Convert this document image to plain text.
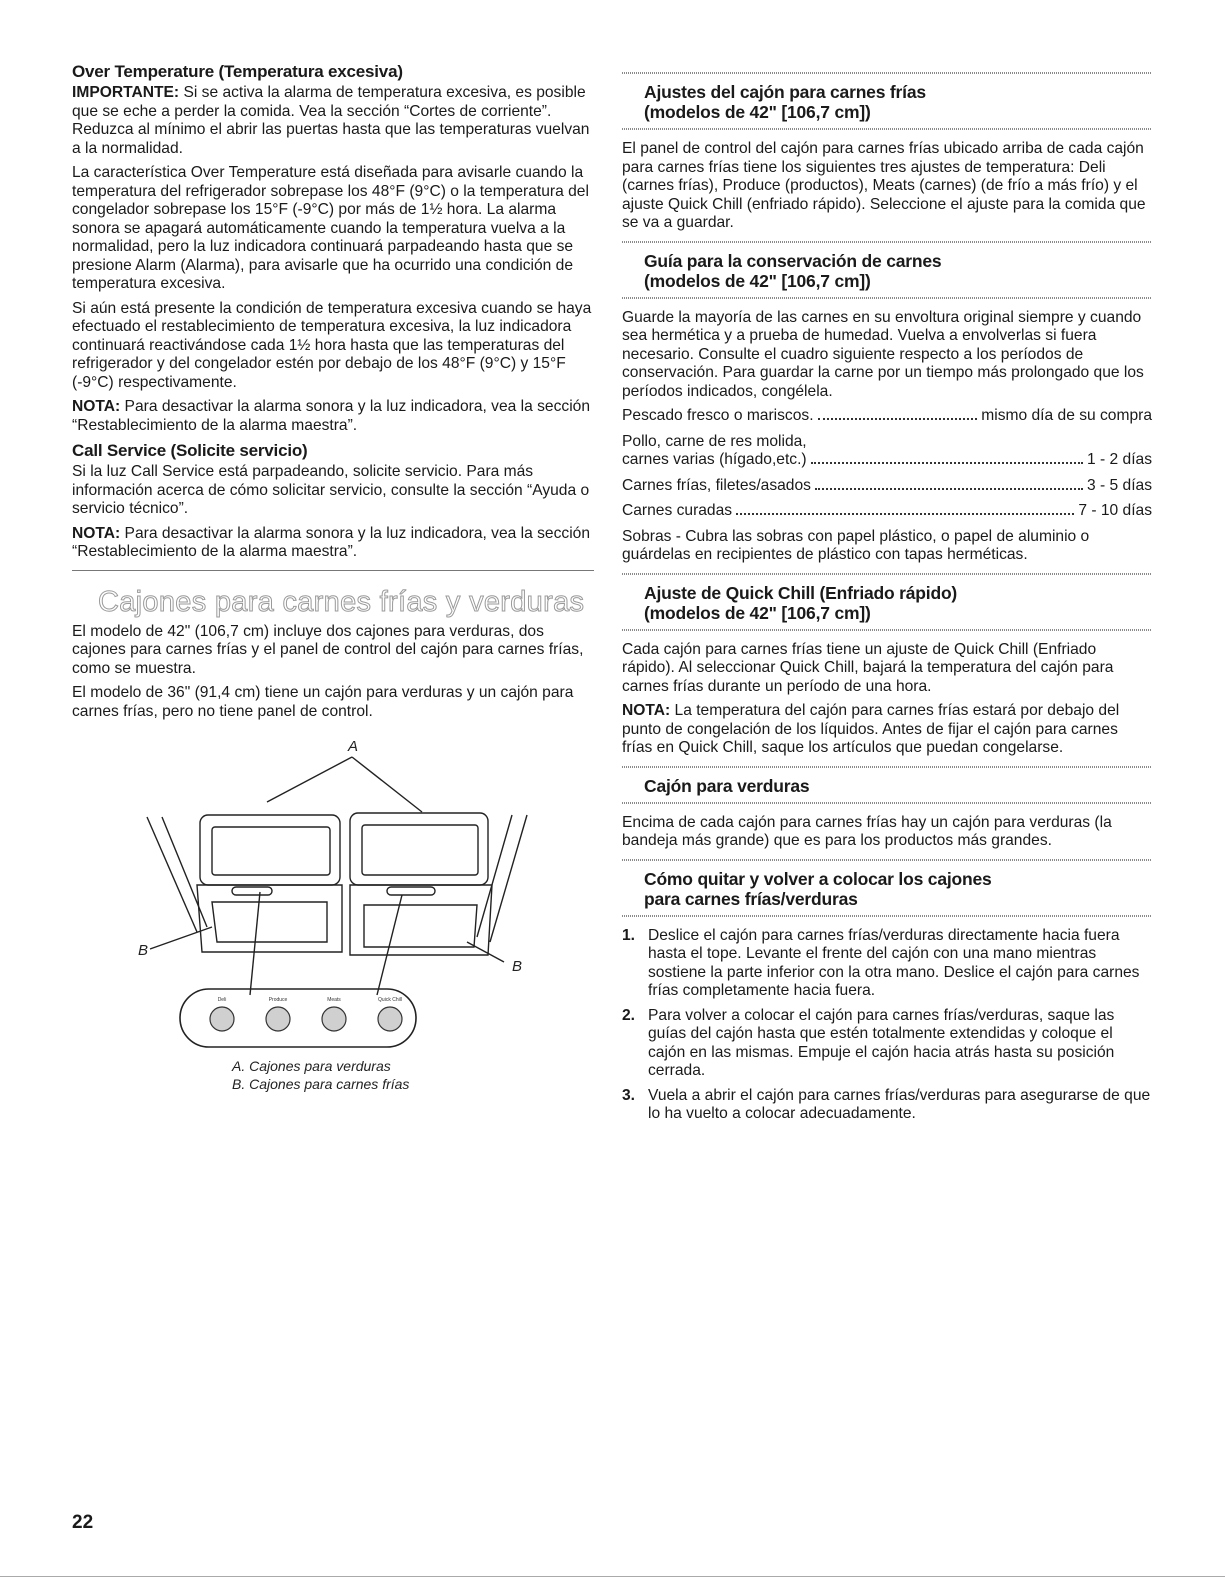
Over Temperature (Temperatura excesiva)

IMPORTANTE: Si se activa la alarma de temperatura excesiva, es posible que se eche a perder la comida. Vea la sección “Cortes de corriente”. Reduzca al mínimo el abrir las puertas hasta que las temperaturas vuelvan a la normalidad.

La característica Over Temperature está diseñada para avisarle cuando la temperatura del refrigerador sobrepase los 48°F (9°C) o la temperatura del congelador sobrepase los 15°F (-9°C) por más de 1½ hora. La alarma sonora se apagará automáticamente cuando la temperatura vuelva a la normalidad, pero la luz indicadora continuará parpadeando hasta que se presione Alarm (Alarma), para avisarle que ha ocurrido una condición de temperatura excesiva.

Si aún está presente la condición de temperatura excesiva cuando se haya efectuado el restablecimiento de temperatura excesiva, la luz indicadora continuará reactivándose cada 1½ hora hasta que las temperaturas del refrigerador y del congelador estén por debajo de los 48°F (9°C) y 15°F (-9°C) respectivamente.

NOTA: Para desactivar la alarma sonora y la luz indicadora, vea la sección “Restablecimiento de la alarma maestra”.

Call Service (Solicite servicio)

Si la luz Call Service está parpadeando, solicite servicio. Para más información acerca de cómo solicitar servicio, consulte la sección “Ayuda o servicio técnico”.

NOTA: Para desactivar la alarma sonora y la luz indicadora, vea la sección “Restablecimiento de la alarma maestra”.

Cajones para carnes frías y verduras

El modelo de 42" (106,7 cm) incluye dos cajones para verduras, dos cajones para carnes frías y el panel de control del cajón para carnes frías, como se muestra.

El modelo de 36" (91,4 cm) tiene un cajón para verduras y un cajón para carnes frías, pero no tiene panel de control.

Deli	Produce	Meats	Quick Chill
A
B
B
A. Cajones para verduras
B. Cajones para carnes frías
Ajustes del cajón para carnes frías
(modelos de 42" [106,7 cm])

El panel de control del cajón para carnes frías ubicado arriba de cada cajón para carnes frías tiene los siguientes tres ajustes de temperatura: Deli (carnes frías), Produce (productos), Meats (carnes) (de frío a más frío) y el ajuste Quick Chill (enfriado rápido). Seleccione el ajuste para la comida que se va a guardar.

Guía para la conservación de carnes
(modelos de 42" [106,7 cm])

Guarde la mayoría de las carnes en su envoltura original siempre y cuando sea hermética y a prueba de humedad. Vuelva a envolverlas si fuera necesario. Consulte el cuadro siguiente respecto a los períodos de conservación. Para guardar la carne por un tiempo más prolongado que los períodos indicados, congélela.

Pescado fresco o mariscos.	mismo día de su compra

Pollo, carne de res molida,

carnes varias (hígado,etc.)	1 - 2 días
Carnes frías, filetes/asados	3 - 5 días
Carnes curadas	7 - 10 días

Sobras - Cubra las sobras con papel plástico, o papel de aluminio o guárdelas en recipientes de plástico con tapas herméticas.

Ajuste de Quick Chill (Enfriado rápido)
(modelos de 42" [106,7 cm])

Cada cajón para carnes frías tiene un ajuste de Quick Chill (Enfriado rápido). Al seleccionar Quick Chill, bajará la temperatura del cajón para carnes frías durante un período de una hora.

NOTA: La temperatura del cajón para carnes frías estará por debajo del punto de congelación de los líquidos. Antes de fijar el cajón para carnes frías en Quick Chill, saque los artículos que puedan congelarse.

Cajón para verduras

Encima de cada cajón para carnes frías hay un cajón para verduras (la bandeja más grande) que es para los productos más grandes.

Cómo quitar y volver a colocar los cajones
para carnes frías/verduras
1. Deslice el cajón para carnes frías/verduras directamente hacia fuera hasta el tope. Levante el frente del cajón con una mano mientras sostiene la parte inferior con la otra mano. Deslice el cajón para carnes frías completamente hacia fuera.
2. Para volver a colocar el cajón para carnes frías/verduras, saque las guías del cajón hasta que estén totalmente extendidas y coloque el cajón en las mismas. Empuje el cajón hacia atrás hasta su posición cerrada.
3. Vuela a abrir el cajón para carnes frías/verduras para asegurarse de que lo ha vuelto a colocar adecuadamente.
22
